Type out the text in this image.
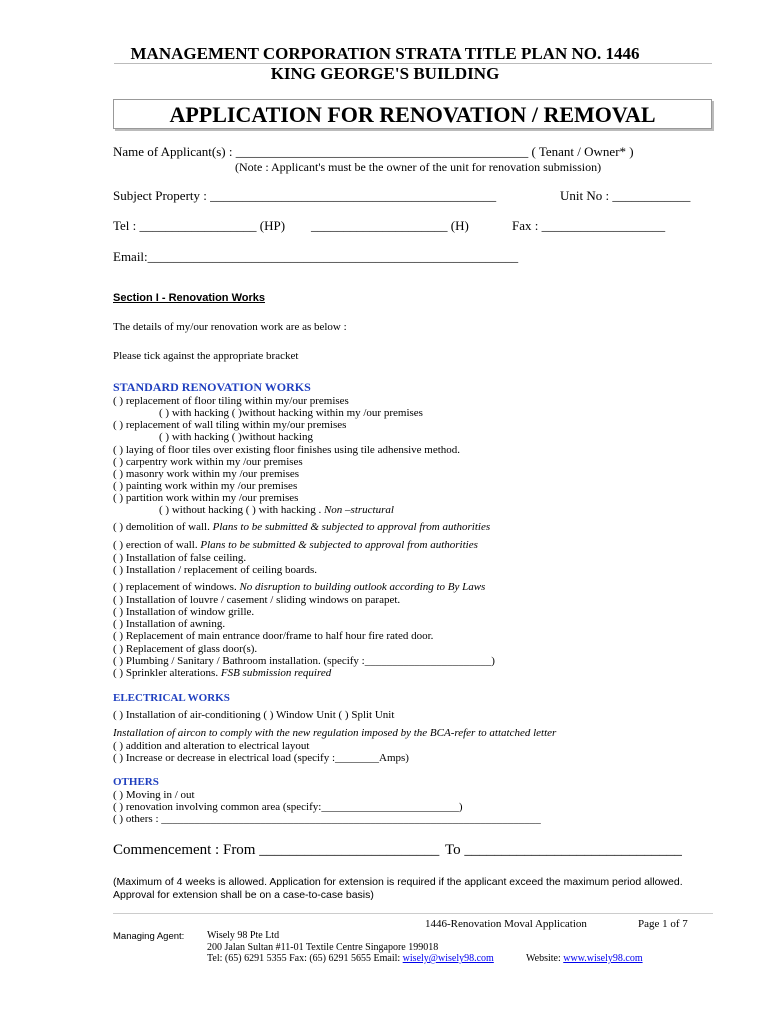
MANAGEMENT CORPORATION STRATA TITLE PLAN NO. 1446
KING GEORGE'S BUILDING
APPLICATION FOR RENOVATION / REMOVAL
Name of Applicant(s) : _____________________________________________ ( Tenant / Owner* )
(Note : Applicant's must be the owner of the unit for renovation submission)
Subject Property : ____________________________________________	Unit No : ____________
Tel : __________________ (HP) _____________________ (H)	Fax : ___________________
Email:_________________________________________________________
Section I - Renovation Works
The details of my/our renovation work are as below :
Please tick against the appropriate bracket
STANDARD RENOVATION WORKS
( ) replacement of floor tiling within my/our premises
( ) with hacking ( )without hacking within my /our premises
( ) replacement of wall tiling within my/our premises
( ) with hacking ( )without hacking
( ) laying of floor tiles over existing floor finishes using tile adhensive method.
( ) carpentry work within my /our premises
( ) masonry work within my /our premises
( ) painting work within my /our premises
( ) partition work within my /our premises
( ) without hacking ( ) with hacking . Non –structural
( ) demolition of wall. Plans to be submitted & subjected to approval from authorities
( ) erection of wall. Plans to be submitted & subjected to approval from authorities
( ) Installation of false ceiling.
( ) Installation / replacement of ceiling boards.
( ) replacement of windows. No disruption to building outlook according to By Laws
( ) Installation of louvre / casement / sliding windows on parapet.
( ) Installation of window grille.
( ) Installation of awning.
( ) Replacement of main entrance door/frame to half hour fire rated door.
( ) Replacement of glass door(s).
( ) Plumbing / Sanitary / Bathroom installation. (specify :_______________________)
( ) Sprinkler alterations. FSB submission required
ELECTRICAL WORKS
( ) Installation of air-conditioning ( ) Window Unit ( ) Split Unit
Installation of aircon to comply with the new regulation imposed by the BCA-refer to attatched letter
( ) addition and alteration to electrical layout
( ) Increase or decrease in electrical load (specify :________Amps)
OTHERS
( ) Moving in / out
( ) renovation involving common area (specify:_________________________)
( ) others : _____________________________________________________________________
Commencement : From ________________________ To _____________________________
(Maximum of 4 weeks is allowed. Application for extension is required if the applicant exceed the maximum period allowed.
Approval for extension shall be on a case-to-case basis)
1446-Renovation Moval Application	Page 1 of 7
Managing Agent: Wisely 98 Pte Ltd
200 Jalan Sultan #11-01 Textile Centre Singapore 199018
Tel: (65) 6291 5355 Fax: (65) 6291 5655 Email: wisely@wisely98.com	Website: www.wisely98.com
